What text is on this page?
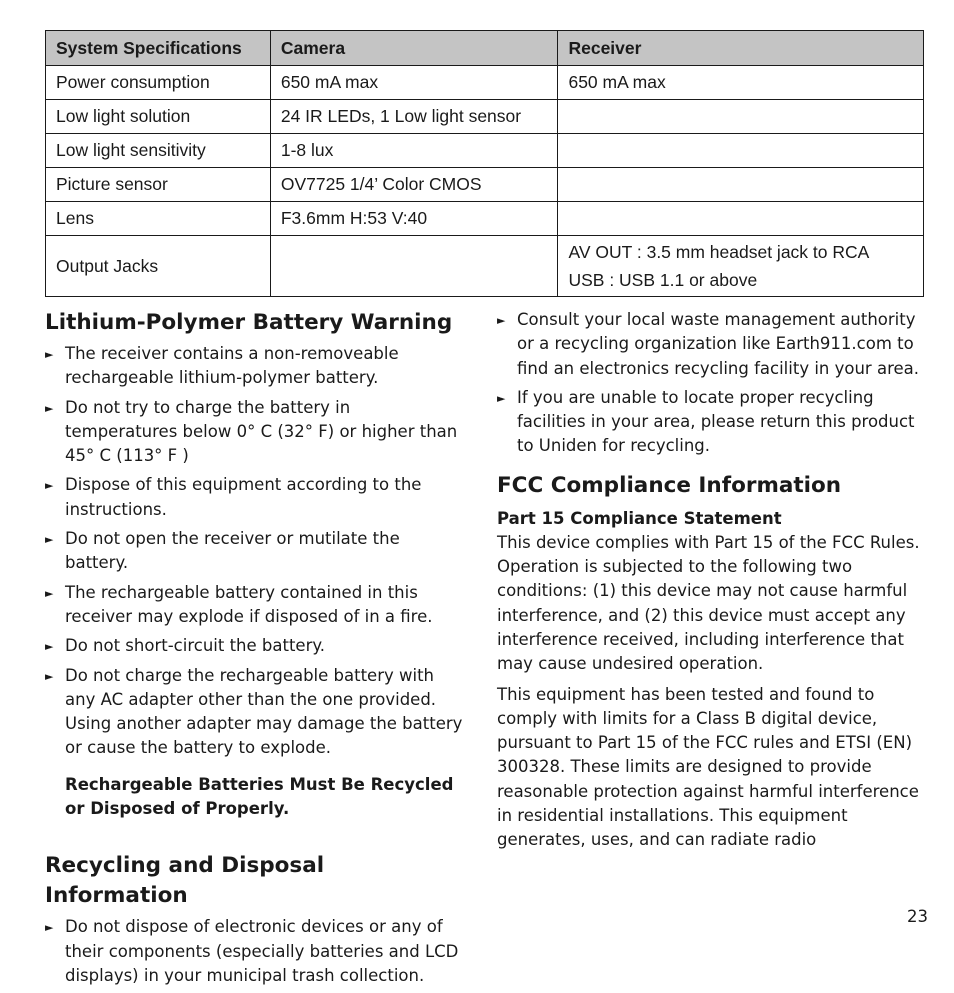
System Specifications	Camera	Receiver
Power consumption	650 mA max	650 mA max
Low light solution	24 IR LEDs, 1 Low light sensor	
Low light sensitivity	1-8 lux	
Picture sensor	OV7725 1/4’ Color CMOS	
Lens	F3.6mm H:53 V:40	
Output Jacks		AV OUT : 3.5 mm headset jack to RCA
USB : USB 1.1 or above
Lithium-Polymer Battery Warning
► The receiver contains a non-removeable rechargeable lithium-polymer battery.
► Do not try to charge the battery in temperatures below 0° C (32° F) or higher than 45° C (113° F )
► Dispose of this equipment according to the instructions.
► Do not open the receiver or mutilate the battery.
► The rechargeable battery contained in this receiver may explode if disposed of in a fire.
► Do not short-circuit the battery.
► Do not charge the rechargeable battery with any AC adapter other than the one provided. Using another adapter may damage the battery or cause the battery to explode.

Rechargeable Batteries Must Be Recycled or Disposed of Properly.

Recycling and Disposal Information
► Do not dispose of electronic devices or any of their components (especially batteries and LCD displays) in your municipal trash collection.
► Consult your local waste management authority or a recycling organization like Earth911.com to find an electronics recycling facility in your area.
► If you are unable to locate proper recycling facilities in your area, please return this product to Uniden for recycling.
FCC Compliance Information
Part 15 Compliance Statement

This device complies with Part 15 of the FCC Rules. Operation is subjected to the following two conditions: (1) this device may not cause harmful interference, and (2) this device must accept any interference received, including interference that may cause undesired operation.

This equipment has been tested and found to comply with limits for a Class B digital device, pursuant to Part 15 of the FCC rules and ETSI (EN) 300328. These limits are designed to provide reasonable protection against harmful interference in residential installations. This equipment generates, uses, and can radiate radio

23
